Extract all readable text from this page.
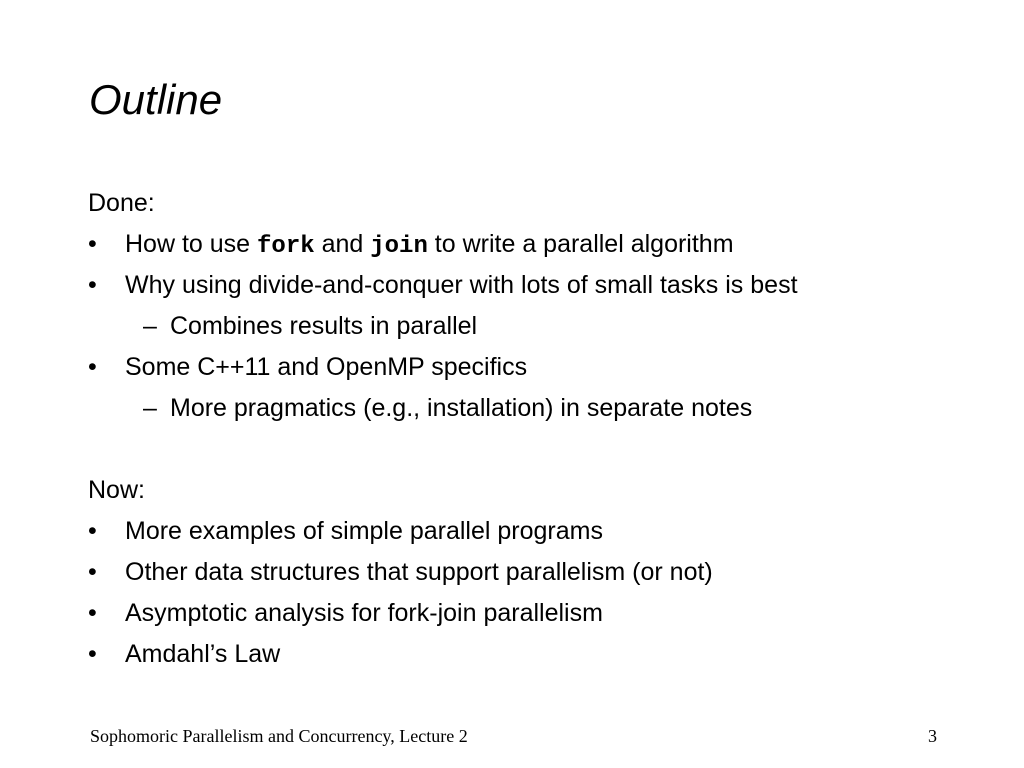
Outline
Done:
•	How to use fork and join to write a parallel algorithm
•	Why using divide-and-conquer with lots of small tasks is best
– Combines results in parallel
•	Some C++11 and OpenMP specifics
– More pragmatics (e.g., installation) in separate notes
Now:
•	More examples of simple parallel programs
•	Other data structures that support parallelism (or not)
•	Asymptotic analysis for fork-join parallelism
•	Amdahl’s Law
Sophomoric Parallelism and Concurrency, Lecture 2	3
